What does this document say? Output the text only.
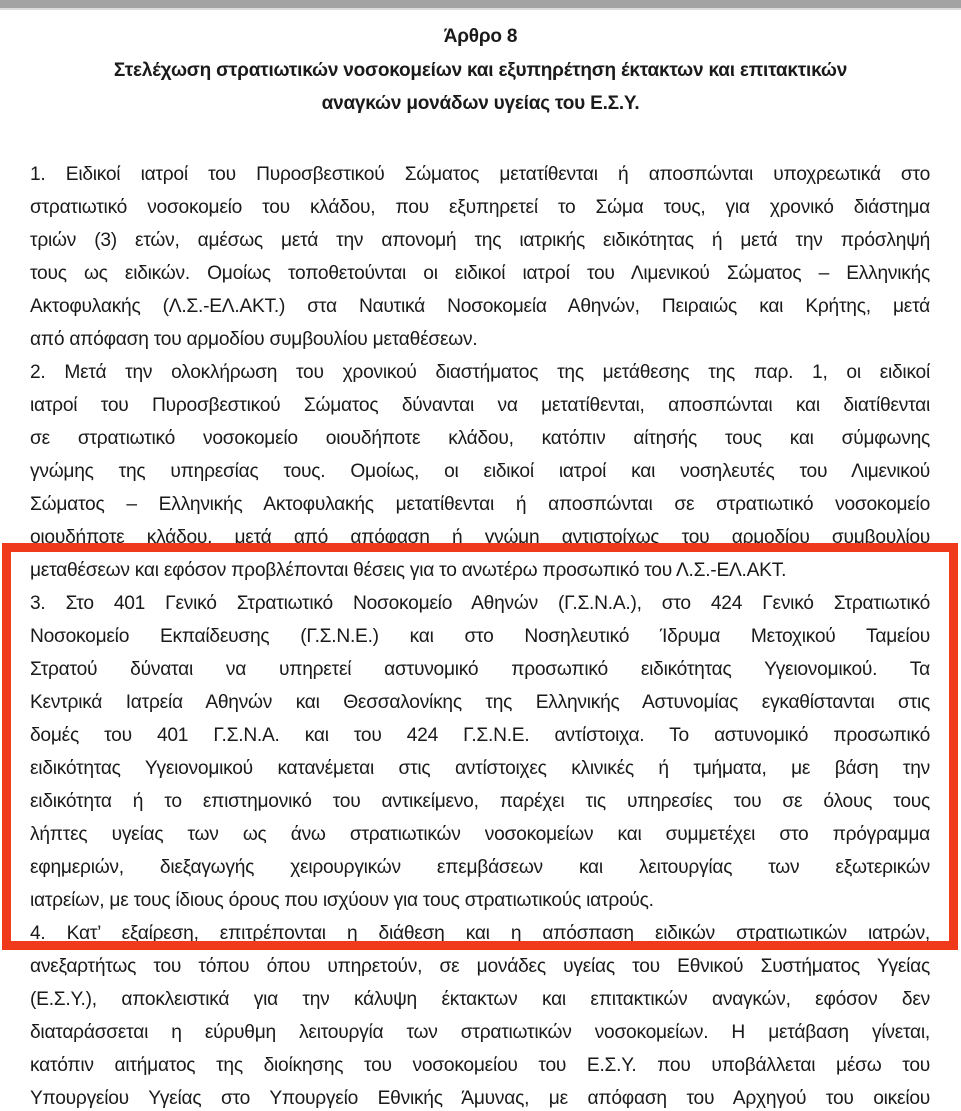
Άρθρο 8
Στελέχωση στρατιωτικών νοσοκομείων και εξυπηρέτηση έκτακτων και επιτακτικών
αναγκών μονάδων υγείας του Ε.Σ.Υ.
1. Ειδικοί ιατροί του Πυροσβεστικού Σώματος μετατίθενται ή αποσπώνται υποχρεωτικά στο
στρατιωτικό νοσοκομείο του κλάδου, που εξυπηρετεί το Σώμα τους, για χρονικό διάστημα
τριών (3) ετών, αμέσως μετά την απονομή της ιατρικής ειδικότητας ή μετά την πρόσληψή
τους ως ειδικών. Ομοίως τοποθετούνται οι ειδικοί ιατροί του Λιμενικού Σώματος – Ελληνικής
Ακτοφυλακής (Λ.Σ.-ΕΛ.ΑΚΤ.) στα Ναυτικά Νοσοκομεία Αθηνών, Πειραιώς και Κρήτης, μετά
από απόφαση του αρμοδίου συμβουλίου μεταθέσεων.
2. Μετά την ολοκλήρωση του χρονικού διαστήματος της μετάθεσης της παρ. 1, οι ειδικοί
ιατροί του Πυροσβεστικού Σώματος δύνανται να μετατίθενται, αποσπώνται και διατίθενται
σε στρατιωτικό νοσοκομείο οιουδήποτε κλάδου, κατόπιν αίτησής τους και σύμφωνης
γνώμης της υπηρεσίας τους. Ομοίως, οι ειδικοί ιατροί και νοσηλευτές του Λιμενικού
Σώματος – Ελληνικής Ακτοφυλακής μετατίθενται ή αποσπώνται σε στρατιωτικό νοσοκομείο
οιουδήποτε κλάδου, μετά από απόφαση ή γνώμη αντιστοίχως του αρμοδίου συμβουλίου
μεταθέσεων και εφόσον προβλέπονται θέσεις για το ανωτέρω προσωπικό του Λ.Σ.-ΕΛ.ΑΚΤ.
3. Στο 401 Γενικό Στρατιωτικό Νοσοκομείο Αθηνών (Γ.Σ.Ν.Α.), στο 424 Γενικό Στρατιωτικό
Νοσοκομείο Εκπαίδευσης (Γ.Σ.Ν.Ε.) και στο Νοσηλευτικό Ίδρυμα Μετοχικού Ταμείου
Στρατού δύναται να υπηρετεί αστυνομικό προσωπικό ειδικότητας Υγειονομικού. Τα
Κεντρικά Ιατρεία Αθηνών και Θεσσαλονίκης της Ελληνικής Αστυνομίας εγκαθίστανται στις
δομές του 401 Γ.Σ.Ν.Α. και του 424 Γ.Σ.Ν.Ε. αντίστοιχα. Το αστυνομικό προσωπικό
ειδικότητας Υγειονομικού κατανέμεται στις αντίστοιχες κλινικές ή τμήματα, με βάση την
ειδικότητα ή το επιστημονικό του αντικείμενο, παρέχει τις υπηρεσίες του σε όλους τους
λήπτες υγείας των ως άνω στρατιωτικών νοσοκομείων και συμμετέχει στο πρόγραμμα
εφημεριών, διεξαγωγής χειρουργικών επεμβάσεων και λειτουργίας των εξωτερικών
ιατρείων, με τους ίδιους όρους που ισχύουν για τους στρατιωτικούς ιατρούς.
4. Κατ’ εξαίρεση, επιτρέπονται η διάθεση και η απόσπαση ειδικών στρατιωτικών ιατρών,
ανεξαρτήτως του τόπου όπου υπηρετούν, σε μονάδες υγείας του Εθνικού Συστήματος Υγείας
(Ε.Σ.Υ.), αποκλειστικά για την κάλυψη έκτακτων και επιτακτικών αναγκών, εφόσον δεν
διαταράσσεται η εύρυθμη λειτουργία των στρατιωτικών νοσοκομείων. Η μετάβαση γίνεται,
κατόπιν αιτήματος της διοίκησης του νοσοκομείου του Ε.Σ.Υ. που υποβάλλεται μέσω του
Υπουργείου Υγείας στο Υπουργείο Εθνικής Άμυνας, με απόφαση του Αρχηγού του οικείου
